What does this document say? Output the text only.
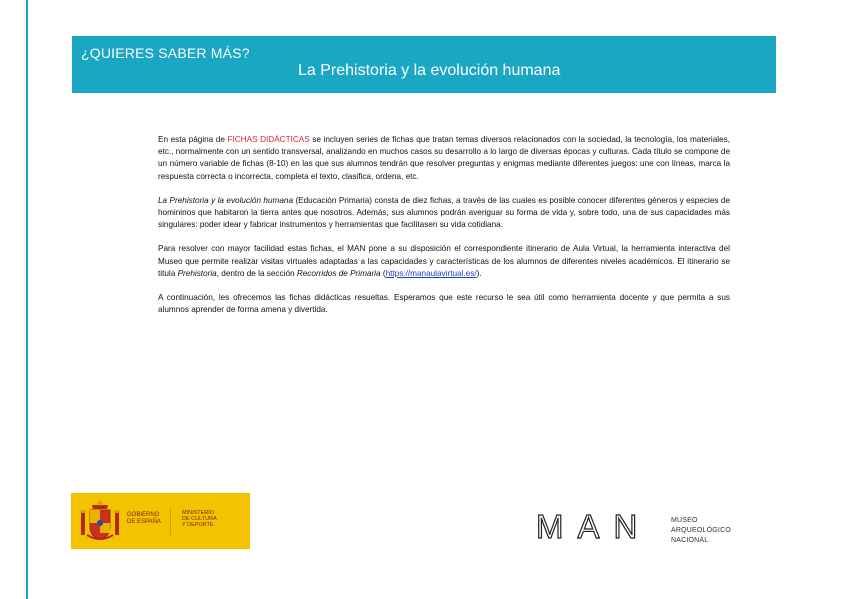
¿QUIERES SABER MÁS?
La Prehistoria y la evolución humana

En esta página de FICHAS DIDÁCTICAS se incluyen series de fichas que tratan temas diversos relacionados con la sociedad, la tecnología, los materiales, etc., normalmente con un sentido transversal, analizando en muchos casos su desarrollo a lo largo de diversas épocas y culturas. Cada título se compone de un número variable de fichas (8-10) en las que sus alumnos tendrán que resolver preguntas y enigmas mediante diferentes juegos: une con líneas, marca la respuesta correcta o incorrecta, completa el texto, clasifica, ordena, etc.

La Prehistoria y la evolución humana (Educación Primaria) consta de diez fichas, a través de las cuales es posible conocer diferentes géneros y especies de homininos que habitaron la tierra antes que nosotros. Además, sus alumnos podrán averiguar su forma de vida y, sobre todo, una de sus capacidades más singulares: poder idear y fabricar instrumentos y herramientas que facilitasen su vida cotidiana.

Para resolver con mayor facilidad estas fichas, el MAN pone a su disposición el correspondiente itinerario de Aula Virtual, la herramienta interactiva del Museo que permite realizar visitas virtuales adaptadas a las capacidades y características de los alumnos de diferentes niveles académicos. El itinerario se titula Prehistoria, dentro de la sección Recorridos de Primaria (https://manaulavirtual.es/).

A continuación, les ofrecemos las fichas didácticas resueltas. Esperamos que este recurso le sea útil como herramienta docente y que permita a sus alumnos aprender de forma amena y divertida.

GOBIERNO
DE ESPAÑA
MINISTERIO
DE CULTURA
Y DEPORTE	MAN	MUSEO
ARQUEOLÓGICO
NACIONAL
